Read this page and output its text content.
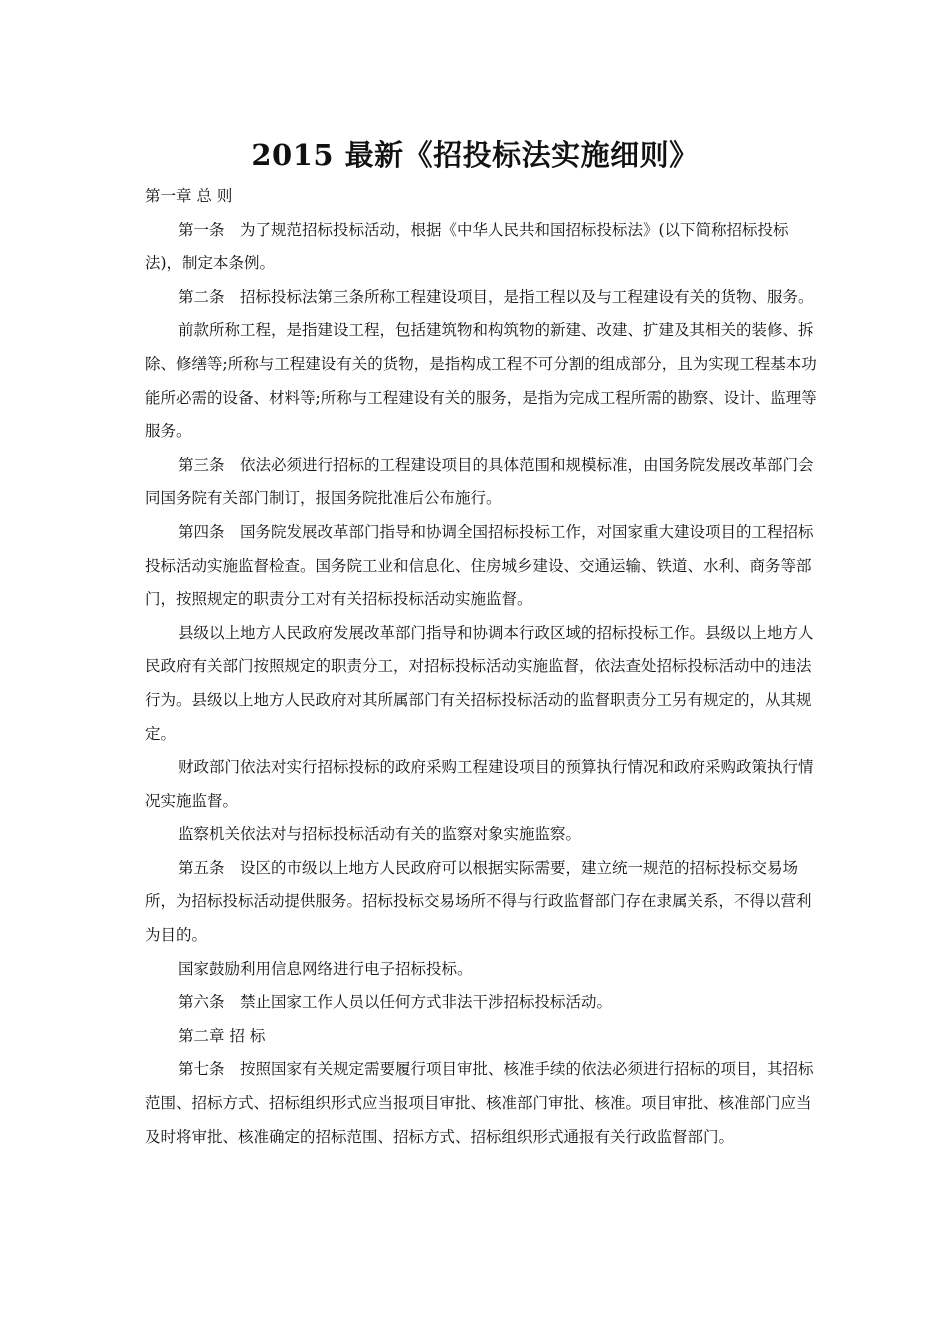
2015 最新《招投标法实施细则》

第一章 总 则

第一条　为了规范招标投标活动，根据《中华人民共和国招标投标法》(以下简称招标投标法)，制定本条例。

第二条　招标投标法第三条所称工程建设项目，是指工程以及与工程建设有关的货物、服务。

前款所称工程，是指建设工程，包括建筑物和构筑物的新建、改建、扩建及其相关的装修、拆除、修缮等;所称与工程建设有关的货物，是指构成工程不可分割的组成部分，且为实现工程基本功能所必需的设备、材料等;所称与工程建设有关的服务，是指为完成工程所需的勘察、设计、监理等服务。

第三条　依法必须进行招标的工程建设项目的具体范围和规模标准，由国务院发展改革部门会同国务院有关部门制订，报国务院批准后公布施行。

第四条　国务院发展改革部门指导和协调全国招标投标工作，对国家重大建设项目的工程招标投标活动实施监督检查。国务院工业和信息化、住房城乡建设、交通运输、铁道、水利、商务等部门，按照规定的职责分工对有关招标投标活动实施监督。

县级以上地方人民政府发展改革部门指导和协调本行政区域的招标投标工作。县级以上地方人民政府有关部门按照规定的职责分工，对招标投标活动实施监督，依法查处招标投标活动中的违法行为。县级以上地方人民政府对其所属部门有关招标投标活动的监督职责分工另有规定的，从其规定。

财政部门依法对实行招标投标的政府采购工程建设项目的预算执行情况和政府采购政策执行情况实施监督。

监察机关依法对与招标投标活动有关的监察对象实施监察。

第五条　设区的市级以上地方人民政府可以根据实际需要，建立统一规范的招标投标交易场所，为招标投标活动提供服务。招标投标交易场所不得与行政监督部门存在隶属关系，不得以营利为目的。

国家鼓励利用信息网络进行电子招标投标。

第六条　禁止国家工作人员以任何方式非法干涉招标投标活动。

第二章 招 标

第七条　按照国家有关规定需要履行项目审批、核准手续的依法必须进行招标的项目，其招标范围、招标方式、招标组织形式应当报项目审批、核准部门审批、核准。项目审批、核准部门应当及时将审批、核准确定的招标范围、招标方式、招标组织形式通报有关行政监督部门。
